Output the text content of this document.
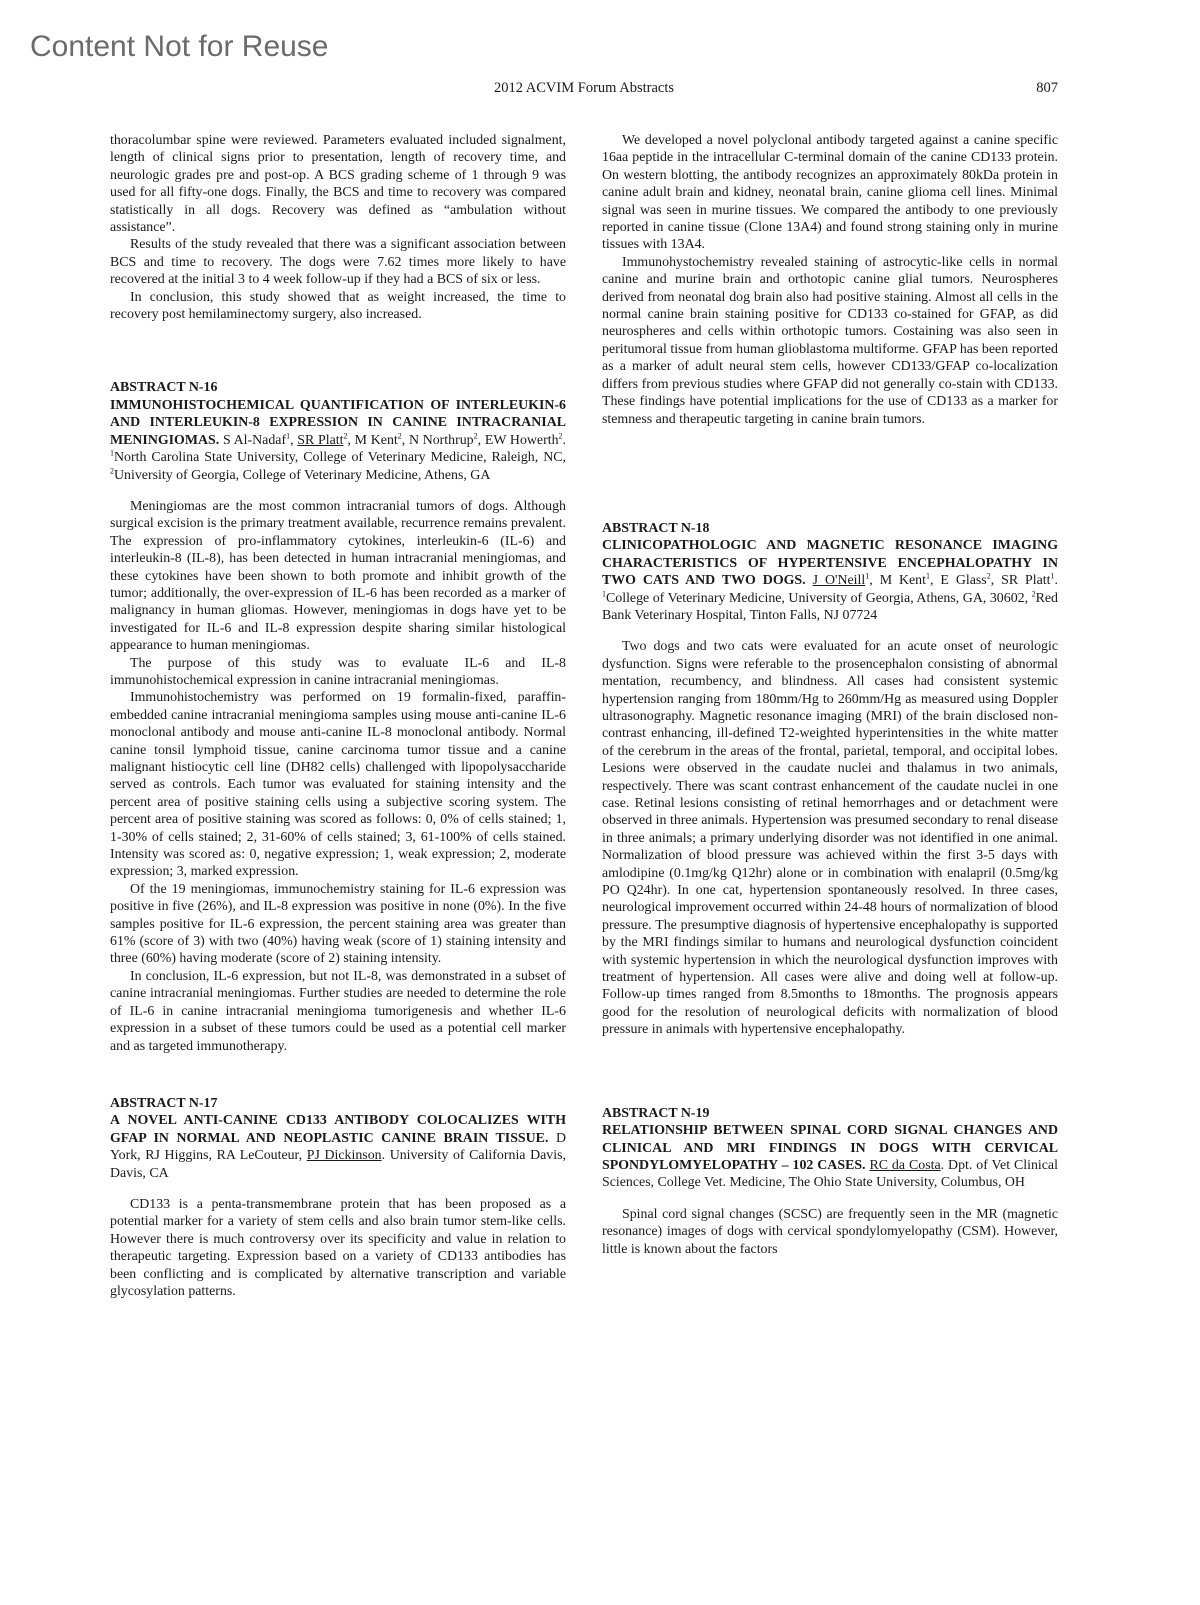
Content Not for Reuse
2012 ACVIM Forum Abstracts	807

thoracolumbar spine were reviewed. Parameters evaluated included signalment, length of clinical signs prior to presentation, length of recovery time, and neurologic grades pre and post-op. A BCS grading scheme of 1 through 9 was used for all fifty-one dogs. Finally, the BCS and time to recovery was compared statistically in all dogs. Recovery was defined as “ambulation without assistance”.

Results of the study revealed that there was a significant association between BCS and time to recovery. The dogs were 7.62 times more likely to have recovered at the initial 3 to 4 week follow-up if they had a BCS of six or less.

In conclusion, this study showed that as weight increased, the time to recovery post hemilaminectomy surgery, also increased.

ABSTRACT N-16
IMMUNOHISTOCHEMICAL QUANTIFICATION OF INTERLEUKIN-6 AND INTERLEUKIN-8 EXPRESSION IN CANINE INTRACRANIAL MENINGIOMAS. S Al-Nadaf$^1$, SR Platt$^2$, M Kent$^2$, N Northrup$^2$, EW Howerth$^2$. $^1$North Carolina State University, College of Veterinary Medicine, Raleigh, NC, $^2$University of Georgia, College of Veterinary Medicine, Athens, GA

Meningiomas are the most common intracranial tumors of dogs. Although surgical excision is the primary treatment available, recurrence remains prevalent. The expression of pro-inflammatory cytokines, interleukin-6 (IL-6) and interleukin-8 (IL-8), has been detected in human intracranial meningiomas, and these cytokines have been shown to both promote and inhibit growth of the tumor; additionally, the over-expression of IL-6 has been recorded as a marker of malignancy in human gliomas. However, meningiomas in dogs have yet to be investigated for IL-6 and IL-8 expression despite sharing similar histological appearance to human meningiomas.

The purpose of this study was to evaluate IL-6 and IL-8 immunohistochemical expression in canine intracranial meningiomas.

Immunohistochemistry was performed on 19 formalin-fixed, paraffin-embedded canine intracranial meningioma samples using mouse anti-canine IL-6 monoclonal antibody and mouse anti-canine IL-8 monoclonal antibody. Normal canine tonsil lymphoid tissue, canine carcinoma tumor tissue and a canine malignant histiocytic cell line (DH82 cells) challenged with lipopolysaccharide served as controls. Each tumor was evaluated for staining intensity and the percent area of positive staining cells using a subjective scoring system. The percent area of positive staining was scored as follows: 0, 0% of cells stained; 1, 1-30% of cells stained; 2, 31-60% of cells stained; 3, 61-100% of cells stained. Intensity was scored as: 0, negative expression; 1, weak expression; 2, moderate expression; 3, marked expression.

Of the 19 meningiomas, immunochemistry staining for IL-6 expression was positive in five (26%), and IL-8 expression was positive in none (0%). In the five samples positive for IL-6 expression, the percent staining area was greater than 61% (score of 3) with two (40%) having weak (score of 1) staining intensity and three (60%) having moderate (score of 2) staining intensity.

In conclusion, IL-6 expression, but not IL-8, was demonstrated in a subset of canine intracranial meningiomas. Further studies are needed to determine the role of IL-6 in canine intracranial meningioma tumorigenesis and whether IL-6 expression in a subset of these tumors could be used as a potential cell marker and as targeted immunotherapy.

ABSTRACT N-17
A NOVEL ANTI-CANINE CD133 ANTIBODY COLOCALIZES WITH GFAP IN NORMAL AND NEOPLASTIC CANINE BRAIN TISSUE. D York, RJ Higgins, RA LeCouteur, PJ Dickinson. University of California Davis, Davis, CA

CD133 is a penta-transmembrane protein that has been proposed as a potential marker for a variety of stem cells and also brain tumor stem-like cells. However there is much controversy over its specificity and value in relation to therapeutic targeting. Expression based on a variety of CD133 antibodies has been conflicting and is complicated by alternative transcription and variable glycosylation patterns.

We developed a novel polyclonal antibody targeted against a canine specific 16aa peptide in the intracellular C-terminal domain of the canine CD133 protein. On western blotting, the antibody recognizes an approximately 80kDa protein in canine adult brain and kidney, neonatal brain, canine glioma cell lines. Minimal signal was seen in murine tissues. We compared the antibody to one previously reported in canine tissue (Clone 13A4) and found strong staining only in murine tissues with 13A4.

Immunohystochemistry revealed staining of astrocytic-like cells in normal canine and murine brain and orthotopic canine glial tumors. Neurospheres derived from neonatal dog brain also had positive staining. Almost all cells in the normal canine brain staining positive for CD133 co-stained for GFAP, as did neurospheres and cells within orthotopic tumors. Costaining was also seen in peritumoral tissue from human glioblastoma multiforme. GFAP has been reported as a marker of adult neural stem cells, however CD133/GFAP co-localization differs from previous studies where GFAP did not generally co-stain with CD133. These findings have potential implications for the use of CD133 as a marker for stemness and therapeutic targeting in canine brain tumors.

ABSTRACT N-18
CLINICOPATHOLOGIC AND MAGNETIC RESONANCE IMAGING CHARACTERISTICS OF HYPERTENSIVE ENCEPHALOPATHY IN TWO CATS AND TWO DOGS. J O'Neill$^1$, M Kent$^1$, E Glass$^2$, SR Platt$^1$. $^1$College of Veterinary Medicine, University of Georgia, Athens, GA, 30602, $^2$Red Bank Veterinary Hospital, Tinton Falls, NJ 07724

Two dogs and two cats were evaluated for an acute onset of neurologic dysfunction. Signs were referable to the prosencephalon consisting of abnormal mentation, recumbency, and blindness. All cases had consistent systemic hypertension ranging from 180mm/Hg to 260mm/Hg as measured using Doppler ultrasonography. Magnetic resonance imaging (MRI) of the brain disclosed non-contrast enhancing, ill-defined T2-weighted hyperintensities in the white matter of the cerebrum in the areas of the frontal, parietal, temporal, and occipital lobes. Lesions were observed in the caudate nuclei and thalamus in two animals, respectively. There was scant contrast enhancement of the caudate nuclei in one case. Retinal lesions consisting of retinal hemorrhages and or detachment were observed in three animals. Hypertension was presumed secondary to renal disease in three animals; a primary underlying disorder was not identified in one animal. Normalization of blood pressure was achieved within the first 3-5 days with amlodipine (0.1mg/kg Q12hr) alone or in combination with enalapril (0.5mg/kg PO Q24hr). In one cat, hypertension spontaneously resolved. In three cases, neurological improvement occurred within 24-48 hours of normalization of blood pressure. The presumptive diagnosis of hypertensive encephalopathy is supported by the MRI findings similar to humans and neurological dysfunction coincident with systemic hypertension in which the neurological dysfunction improves with treatment of hypertension. All cases were alive and doing well at follow-up. Follow-up times ranged from 8.5months to 18months. The prognosis appears good for the resolution of neurological deficits with normalization of blood pressure in animals with hypertensive encephalopathy.

ABSTRACT N-19
RELATIONSHIP BETWEEN SPINAL CORD SIGNAL CHANGES AND CLINICAL AND MRI FINDINGS IN DOGS WITH CERVICAL SPONDYLOMYELOPATHY – 102 CASES. RC da Costa. Dpt. of Vet Clinical Sciences, College Vet. Medicine, The Ohio State University, Columbus, OH

Spinal cord signal changes (SCSC) are frequently seen in the MR (magnetic resonance) images of dogs with cervical spondylomyelopathy (CSM). However, little is known about the factors
